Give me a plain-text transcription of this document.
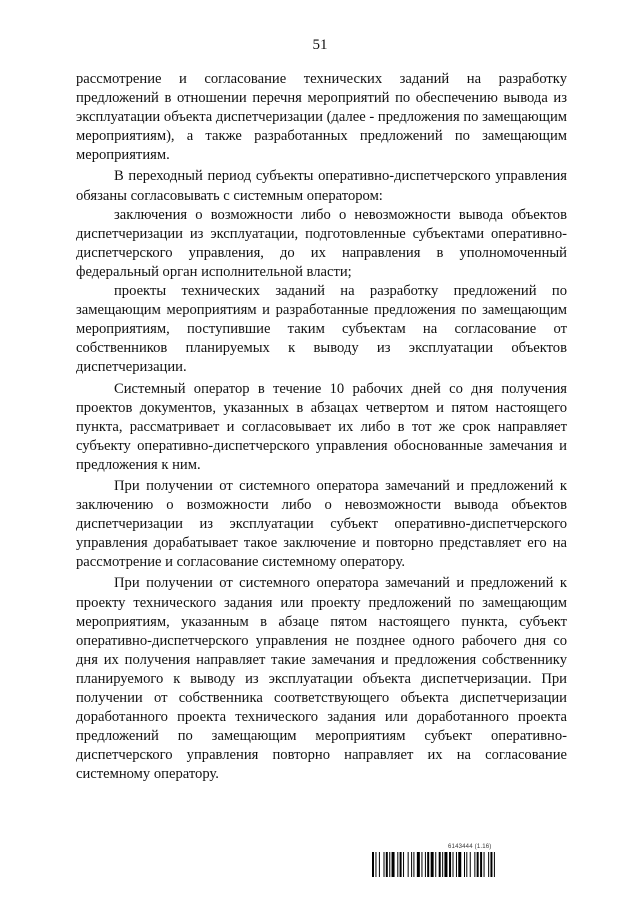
51

рассмотрение и согласование технических заданий на разработку предложений в отношении перечня мероприятий по обеспечению вывода из эксплуатации объекта диспетчеризации (далее - предложения по замещающим мероприятиям), а также разработанных предложений по замещающим мероприятиям.

В переходный период субъекты оперативно-диспетчерского управления обязаны согласовывать с системным оператором:

заключения о возможности либо о невозможности вывода объектов диспетчеризации из эксплуатации, подготовленные субъектами оперативно-диспетчерского управления, до их направления в уполномоченный федеральный орган исполнительной власти;

проекты технических заданий на разработку предложений по замещающим мероприятиям и разработанные предложения по замещающим мероприятиям, поступившие таким субъектам на согласование от собственников планируемых к выводу из эксплуатации объектов диспетчеризации.

Системный оператор в течение 10 рабочих дней со дня получения проектов документов, указанных в абзацах четвертом и пятом настоящего пункта, рассматривает и согласовывает их либо в тот же срок направляет субъекту оперативно-диспетчерского управления обоснованные замечания и предложения к ним.

При получении от системного оператора замечаний и предложений к заключению о возможности либо о невозможности вывода объектов диспетчеризации из эксплуатации субъект оперативно-диспетчерского управления дорабатывает такое заключение и повторно представляет его на рассмотрение и согласование системному оператору.

При получении от системного оператора замечаний и предложений к проекту технического задания или проекту предложений по замещающим мероприятиям, указанным в абзаце пятом настоящего пункта, субъект оперативно-диспетчерского управления не позднее одного рабочего дня со дня их получения направляет такие замечания и предложения собственнику планируемого к выводу из эксплуатации объекта диспетчеризации. При получении от собственника соответствующего объекта диспетчеризации доработанного проекта технического задания или доработанного проекта предложений по замещающим мероприятиям субъект оперативно-диспетчерского управления повторно направляет их на согласование системному оператору.

6143444 (1.16)
